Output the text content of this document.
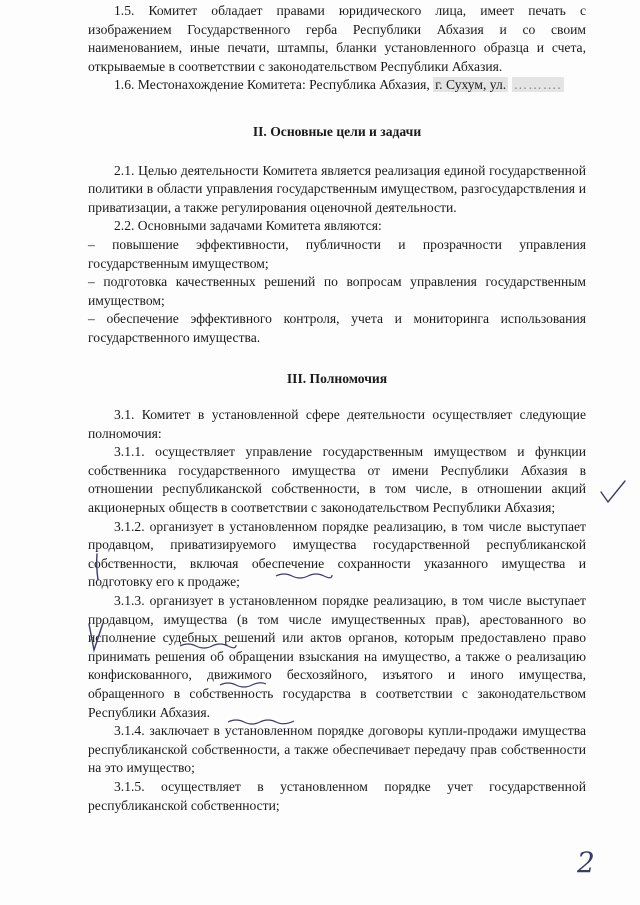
1.5. Комитет обладает правами юридического лица, имеет печать с изображением Государственного герба Республики Абхазия и со своим наименованием, иные печати, штампы, бланки установленного образца и счета, открываемые в соответствии с законодательством Республики Абхазия.

1.6. Местонахождение Комитета: Республика Абхазия, г. Сухум, ул. ……….

II. Основные цели и задачи

2.1. Целью деятельности Комитета является реализация единой государственной политики в области управления государственным имуществом, разгосударствления и приватизации, а также регулирования оценочной деятельности.

2.2. Основными задачами Комитета являются:

– повышение эффективности, публичности и прозрачности управления государственным имуществом;

– подготовка качественных решений по вопросам управления государственным имуществом;

– обеспечение эффективного контроля, учета и мониторинга использования государственного имущества.

III. Полномочия

3.1. Комитет в установленной сфере деятельности осуществляет следующие полномочия:

3.1.1. осуществляет управление государственным имуществом и функции собственника государственного имущества от имени Республики Абхазия в отношении республиканской собственности, в том числе, в отношении акций акционерных обществ в соответствии с законодательством Республики Абхазия;

3.1.2. организует в установленном порядке реализацию, в том числе выступает продавцом, приватизируемого имущества государственной республиканской собственности, включая обеспечение сохранности указанного имущества и подготовку его к продаже;

3.1.3. организует в установленном порядке реализацию, в том числе выступает продавцом, имущества (в том числе имущественных прав), арестованного во исполнение судебных решений или актов органов, которым предоставлено право принимать решения об обращении взыскания на имущество, а также о реализацию конфискованного, движимого бесхозяйного, изъятого и иного имущества, обращенного в собственность государства в соответствии с законодательством Республики Абхазия.

3.1.4. заключает в установленном порядке договоры купли-продажи имущества республиканской собственности, а также обеспечивает передачу прав собственности на это имущество;

3.1.5. осуществляет в установленном порядке учет государственной республиканской собственности;

2
